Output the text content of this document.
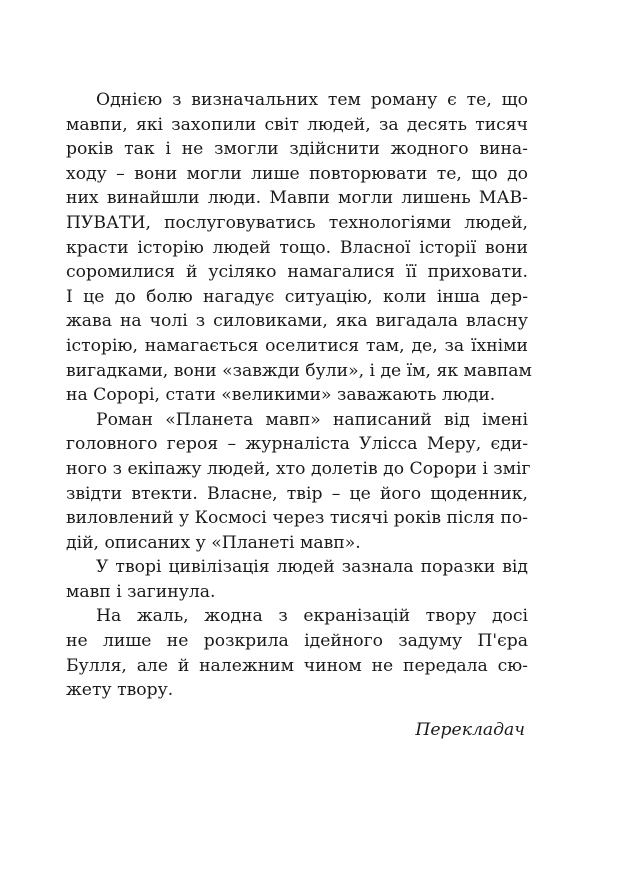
Однією з визначальних тем роману є те, що
мавпи, які захопили світ людей, за десять тисяч
років так і не змогли здійснити жодного вина-
ходу – вони могли лише повторювати те, що до
них винайшли люди. Мавпи могли лишень МАВ-
ПУВАТИ, послуговуватись технологіями людей,
красти історію людей тощо. Власної історії вони
соромилися й усіляко намагалися її приховати.
І це до болю нагадує ситуацію, коли інша дер-
жава на чолі з силовиками, яка вигадала власну
історію, намагається оселитися там, де, за їхніми
вигадками, вони «завжди були», і де їм, як мавпам
на Сорорі, стати «великими» заважають люди.
Роман «Планета мавп» написаний від імені
головного героя – журналіста Улісса Меру, єди-
ного з екіпажу людей, хто долетів до Сорори і зміг
звідти втекти. Власне, твір – це його щоденник,
виловлений у Космосі через тисячі років після по-
дій, описаних у «Планеті мавп».
У творі цивілізація людей зазнала поразки від
мавп і загинула.
На жаль, жодна з екранізацій твору досі
не лише не розкрила ідейного задуму П'єра
Булля, але й належним чином не передала сю-
жету твору.
Перекладач
